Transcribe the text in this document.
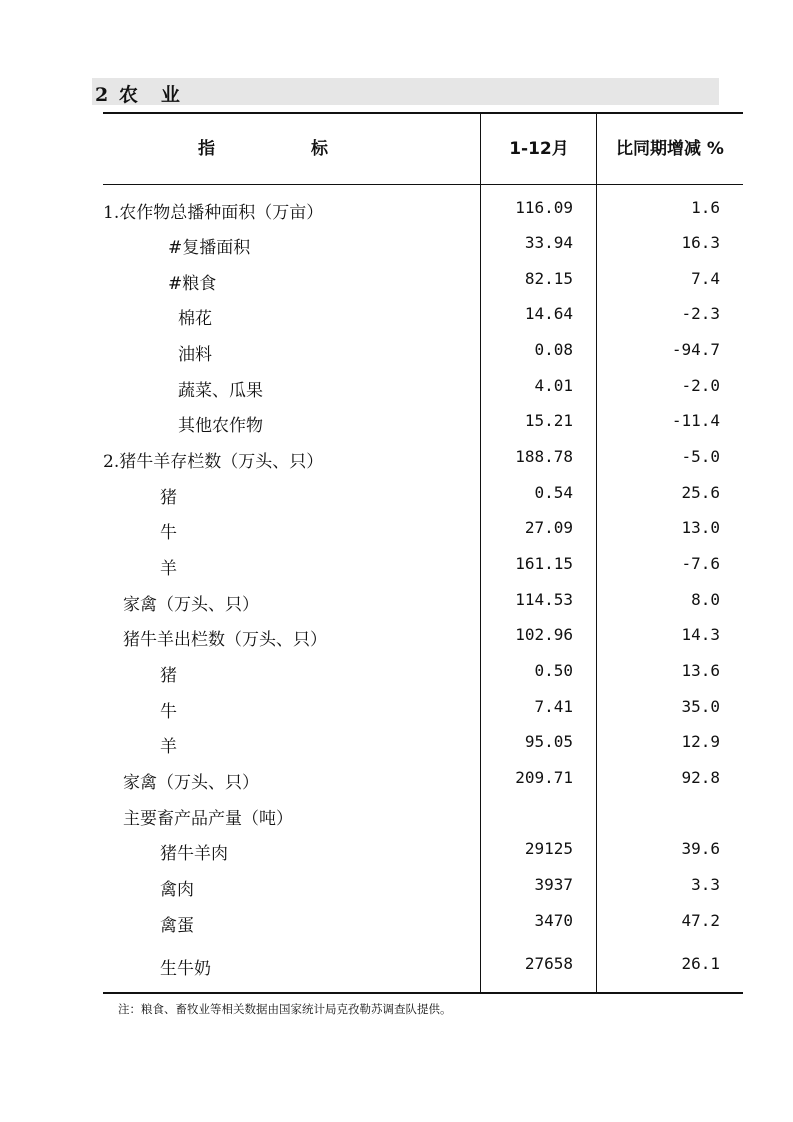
2 农　业
指	标	1-12月	比同期增减 %
1.农作物总播种面积（万亩）	116.09	1.6
#复播面积	33.94	16.3
#粮食	82.15	7.4
棉花	14.64	-2.3
油料	0.08	-94.7
蔬菜、瓜果	4.01	-2.0
其他农作物	15.21	-11.4
2.猪牛羊存栏数（万头、只）	188.78	-5.0
猪	0.54	25.6
牛	27.09	13.0
羊	161.15	-7.6
家禽（万头、只）	114.53	8.0
猪牛羊出栏数（万头、只）	102.96	14.3
猪	0.50	13.6
牛	7.41	35.0
羊	95.05	12.9
家禽（万头、只）	209.71	92.8
主要畜产品产量（吨）
猪牛羊肉	29125	39.6
禽肉	3937	3.3
禽蛋	3470	47.2
生牛奶	27658	26.1
注：粮食、畜牧业等相关数据由国家统计局克孜勒苏调查队提供。
